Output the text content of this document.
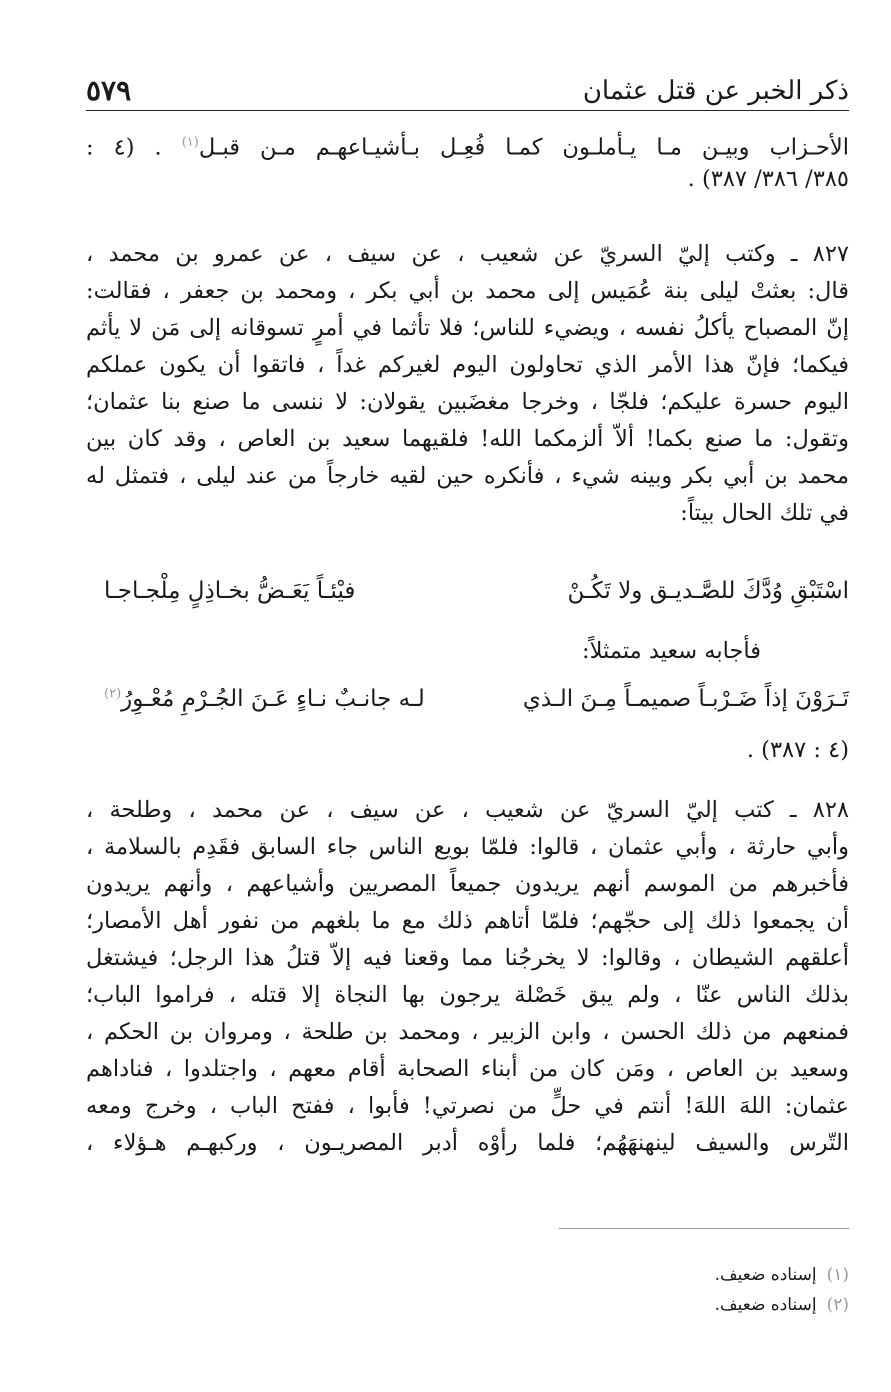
ذكر الخبر عن قتل عثمان
٥٧٩
الأحـزاب وبيـن مـا يـأملـون كمـا فُعِـل بـأشيـاعهـم مـن قبـل$^{(١)}$ . (٤ :
٣٨٥/ ٣٨٦/ ٣٨٧) .
٨٢٧ ـ وكتب إليّ السريّ عن شعيب ، عن سيف ، عن عمرو بن محمد ،
قال: بعثتْ ليلى بنة عُمَيس إلى محمد بن أبي بكر ، ومحمد بن جعفر ، فقالت:
إنّ المصباح يأكلُ نفسه ، ويضيء للناس؛ فلا تأثما في أمرٍ تسوقانه إلى مَن لا يأثم
فيكما؛ فإنّ هذا الأمر الذي تحاولون اليوم لغيركم غداً ، فاتقوا أن يكون عملكم
اليوم حسرة عليكم؛ فلجّا ، وخرجا مغضَبين يقولان: لا ننسى ما صنع بنا عثمان؛
وتقول: ما صنع بكما! ألاّ ألزمكما الله! فلقيهما سعيد بن العاص ، وقد كان بين
محمد بن أبي بكر وبينه شيء ، فأنكره حين لقيه خارجاً من عند ليلى ، فتمثل له
في تلك الحال بيتاً:
اسْتَبْقِ وُدَّكَ للصَّـديـق ولا تَكُـنْ
فيْئـاً يَعَـضُّ بخـاذِلٍ مِلْجـاجـا
فأجابه سعيد متمثلاً:
تَـرَوْنَ إذاً ضَـرْبـاً صميمـاً مِـنَ الـذي
لـه جانـبٌ نـاءٍ عَـنَ الجُـرْمِ مُعْـوِرُ$^{(٢)}$
(٤ : ٣٨٧) .
٨٢٨ ـ كتب إليّ السريّ عن شعيب ، عن سيف ، عن محمد ، وطلحة ،
وأبي حارثة ، وأبي عثمان ، قالوا: فلمّا بويع الناس جاء السابق فقَدِم بالسلامة ،
فأخبرهم من الموسم أنهم يريدون جميعاً المصريين وأشياعهم ، وأنهم يريدون
أن يجمعوا ذلك إلى حجّهم؛ فلمّا أتاهم ذلك مع ما بلغهم من نفور أهل الأمصار؛
أعلقهم الشيطان ، وقالوا: لا يخرجُنا مما وقعنا فيه إلاّ قتلُ هذا الرجل؛ فيشتغل
بذلك الناس عنّا ، ولم يبق خَصْلة يرجون بها النجاة إلا قتله ، فراموا الباب؛
فمنعهم من ذلك الحسن ، وابن الزبير ، ومحمد بن طلحة ، ومروان بن الحكم ،
وسعيد بن العاص ، ومَن كان من أبناء الصحابة أقام معهم ، واجتلدوا ، فناداهم
عثمان: اللهَ اللهَ! أنتم في حلٍّ من نصرتي! فأبوا ، ففتح الباب ، وخرج ومعه
التّرس والسيف لينهنهَهُم؛ فلما رأوْه أدبر المصريـون ، وركبهـم هـؤلاء ،
(١)إسناده ضعيف.
(٢)إسناده ضعيف.
